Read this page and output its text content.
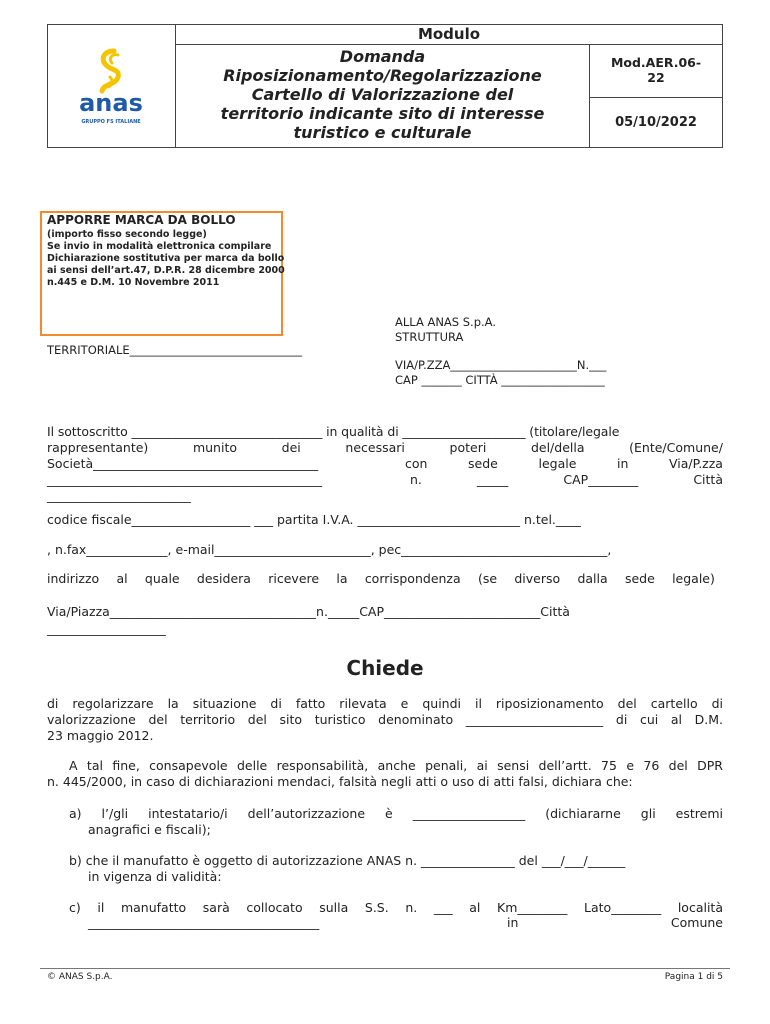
anas
GRUPPO FS ITALIANE
Modulo
Domanda
Riposizionamento/Regolarizzazione
Cartello di Valorizzazione del
territorio indicante sito di interesse
turistico e culturale
Mod.AER.06-
22
05/10/2022
APPORRE MARCA DA BOLLO
(importo fisso secondo legge)
Se invio in modalità elettronica compilare
Dichiarazione sostitutiva per marca da bollo
ai sensi dell’art.47, D.P.R. 28 dicembre 2000
n.445 e D.M. 10 Novembre 2011
ALLA ANAS S.p.A.
STRUTTURA
TERRITORIALE______________________________
VIA/P.ZZA______________________N.___
CAP _______ CITTÀ __________________
Il sottoscritto _______________________________ in qualità di ____________________ (titolare/legale
rappresentante)	munito	dei	necessari	poteri	del/della	(Ente/Comune/
Società____________________________________	con	sede	legale	in	Via/P.zza
____________________________________________	n.	_____	CAP________	Città
_______________________
codice fiscale___________________ ___ partita I.V.A. __________________________ n.tel.____
, n.fax_____________, e-mail_________________________, pec_________________________________,
indirizzo al quale desidera ricevere la corrispondenza (se diverso dalla sede legale)
Via/Piazza_________________________________n._____CAP_________________________Città
___________________
Chiede
di regolarizzare la situazione di fatto rilevata e quindi il riposizionamento del cartello di
valorizzazione del territorio del sito turistico denominato ______________________ di cui al D.M.
23 maggio 2012.
A tal fine, consapevole delle responsabilità, anche penali, ai sensi dell’artt. 75 e 76 del DPR
n. 445/2000, in caso di dichiarazioni mendaci, falsità negli atti o uso di atti falsi, dichiara che:
a) l’/gli intestatario/i dell’autorizzazione è __________________ (dichiararne gli estremi
anagrafici e fiscali);
b) che il manufatto è oggetto di autorizzazione ANAS n. _______________ del ___/___/______
in vigenza di validità:
c) il manufatto sarà collocato sulla S.S. n. ___ al Km________ Lato________ località
_____________________________________	in	Comune
© ANAS S.p.A.	Pagina 1 di 5
